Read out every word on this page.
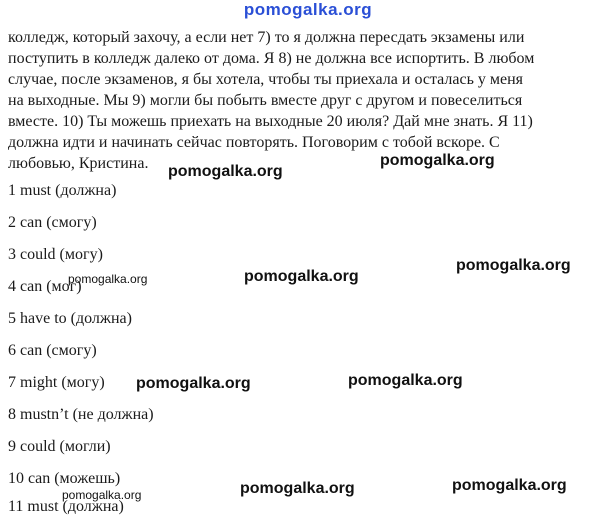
pomogalka.org
колледж, который захочу, а если нет 7) то я должна пересдать экзамены или
поступить в колледж далеко от дома. Я 8) не должна все испортить. В любом
случае, после экзаменов, я бы хотела, чтобы ты приехала и осталась у меня
на выходные. Мы 9) могли бы побыть вместе друг с другом и повеселиться
вместе. 10) Ты можешь приехать на выходные 20 июля? Дай мне знать. Я 11)
должна идти и начинать сейчас повторять. Поговорим с тобой вскоре. С
любовью, Кристина.
1 must (должна)
2 can (смогу)
3 could (могу)
4 can (мог)
5 have to (должна)
6 can (смогу)
7 might (могу)
8 mustn’t (не должна)
9 could (могли)
10 can (можешь)
11 must (должна)
pomogalka.org
pomogalka.org
pomogalka.org	pomogalka.org
pomogalka.org
pomogalka.org	pomogalka.org
pomogalka.org	pomogalka.org	pomogalka.org
